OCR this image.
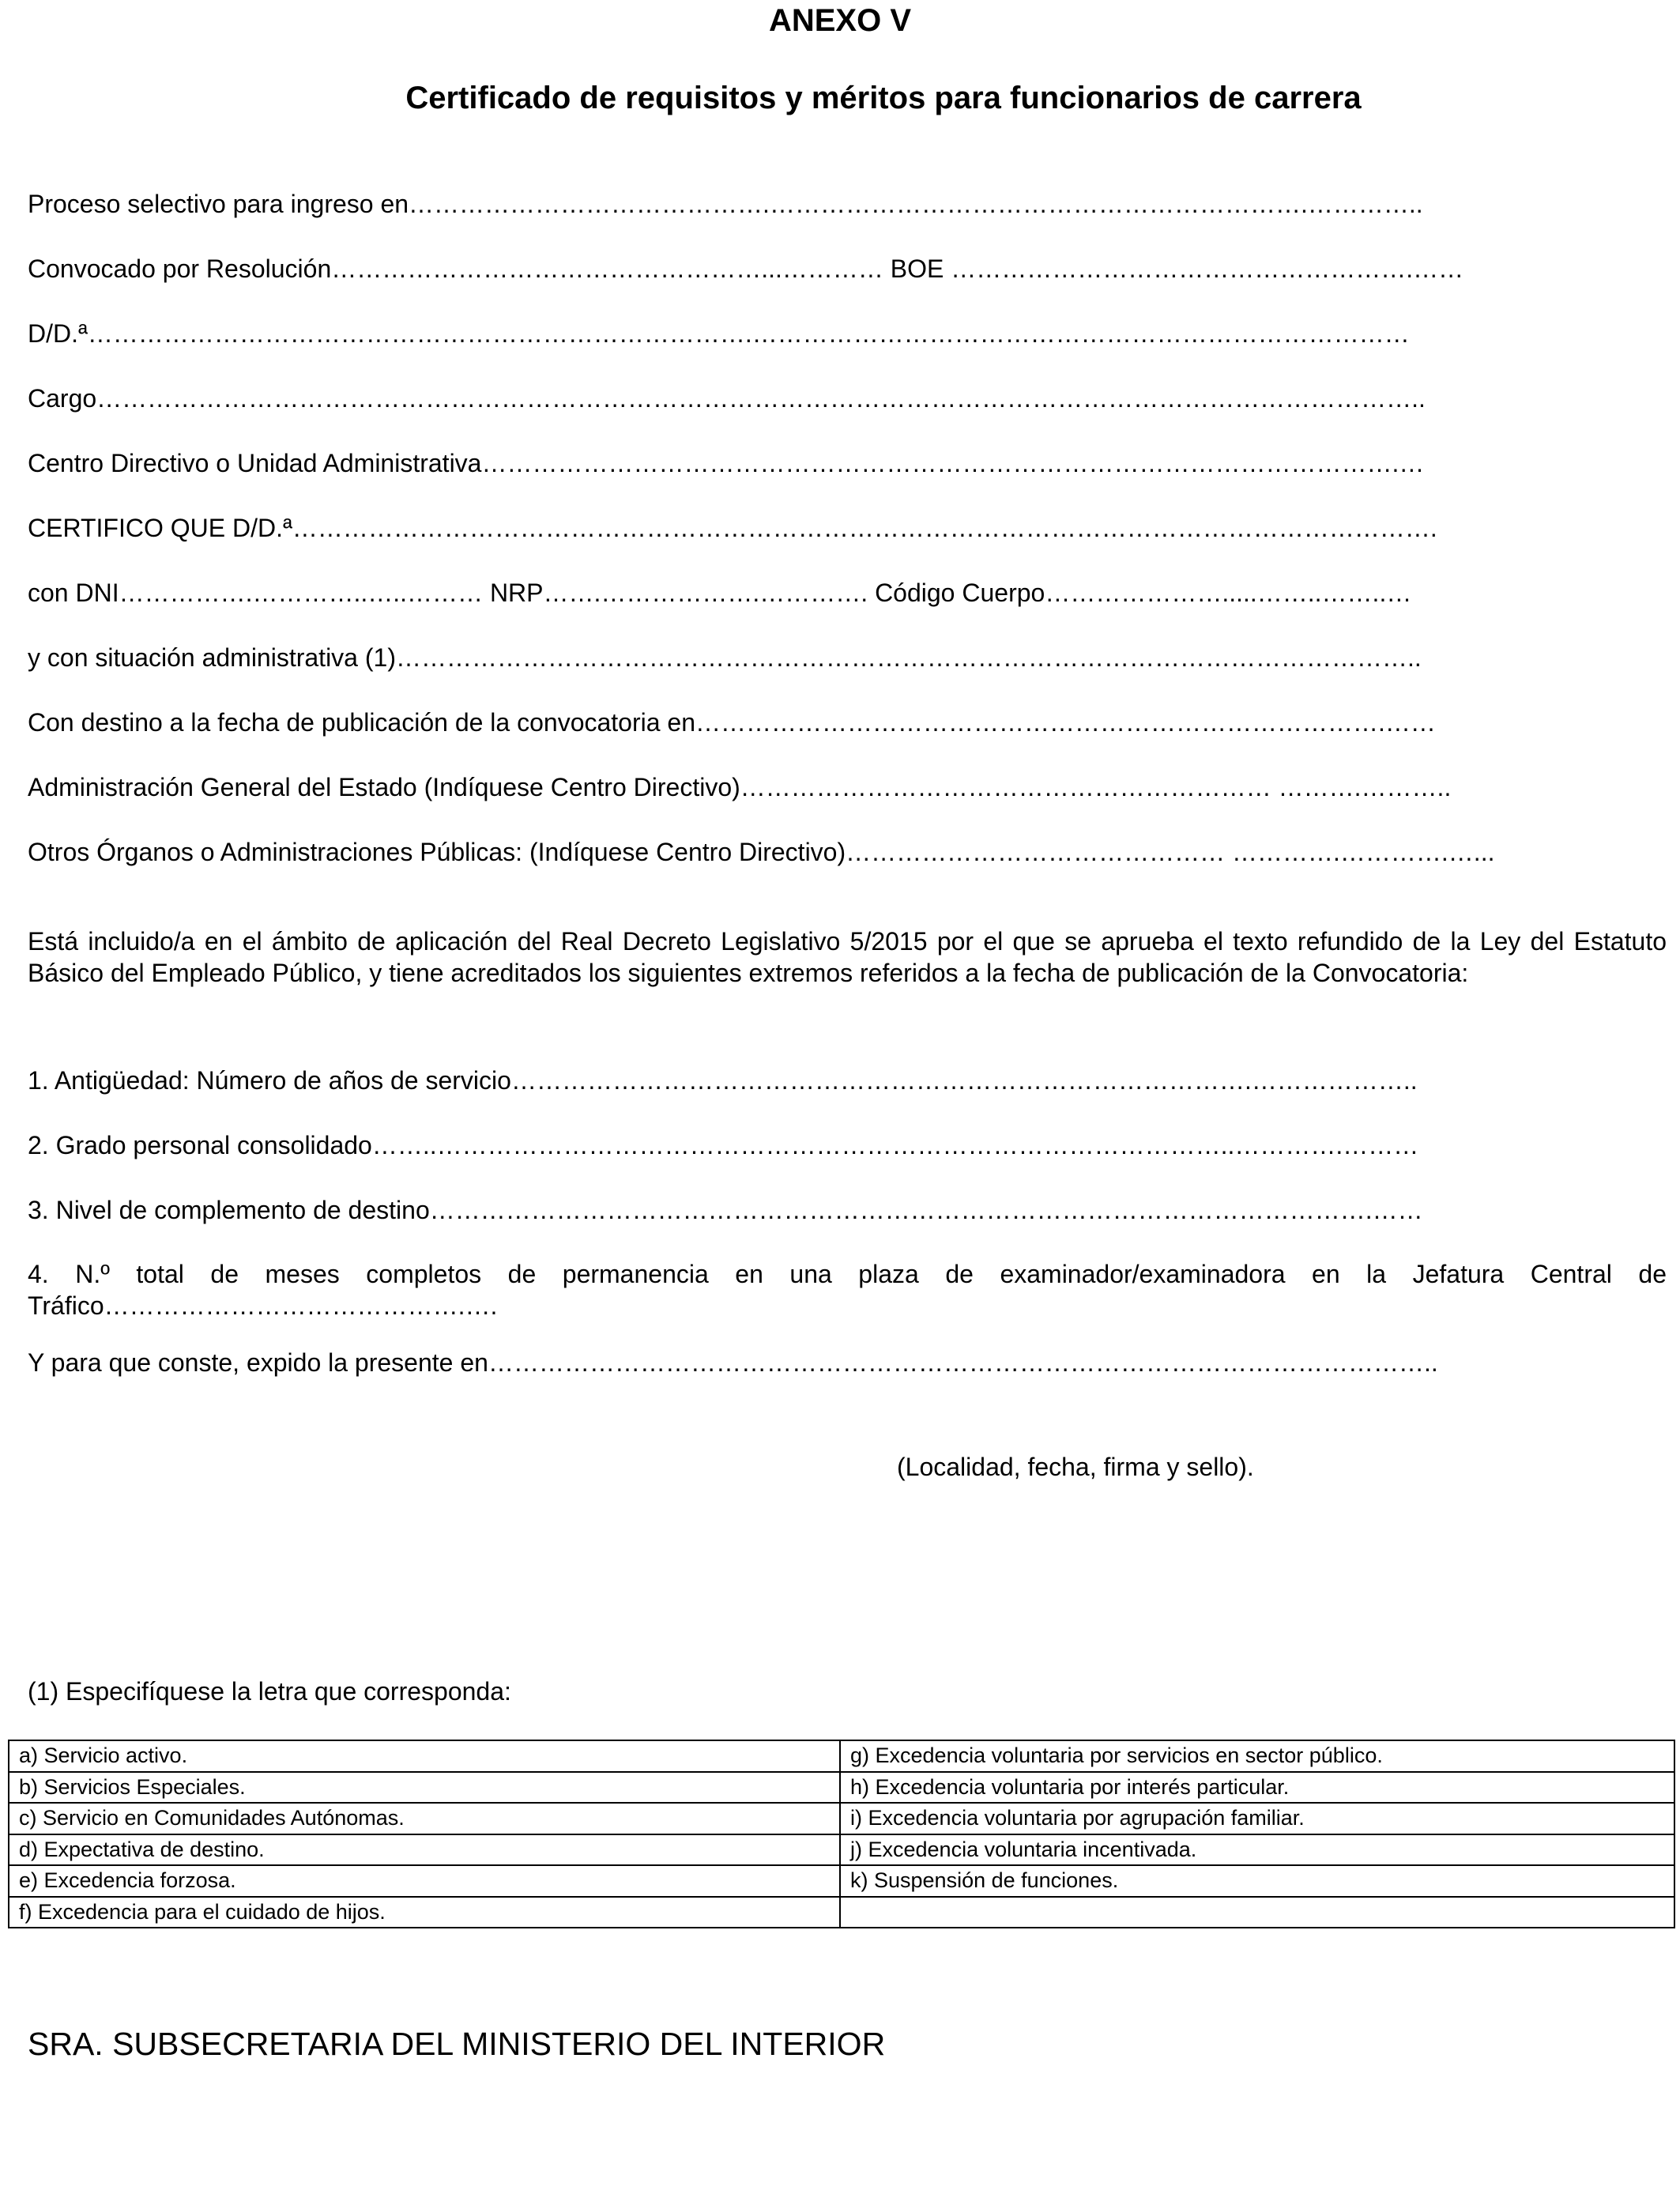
ANEXO V
Certificado de requisitos y méritos para funcionarios de carrera
Proceso selectivo para ingreso en…………………………………….……………………………………………………….…………..
Convocado por Resolución……………………………………………...………… BOE ……………………………………………….……
D/D.ª…………………………………………………………………….……………………………………………………………………
Cargo…………………………………………………………………………………………………………………………………………..
Centro Directivo o Unidad Administrativa……………………………………………………………………………………………….…
CERTIFICO QUE D/D.ª……………………………………………………………………………………………………………………….
con DNI…………….…………..…..……… NRP…….……………….…………. Código Cuerpo………………….....……..……..…
y con situación administrativa (1)…………………………………………………………………………………………………………..
Con destino a la fecha de publicación de la convocatoria en……………………………………………………………………….……
Administración General del Estado (Indíquese Centro Directivo)……………………………………………………… ……….………..
Otros Órganos o Administraciones Públicas: (Indíquese Centro Directivo)……………………………………… ………….………….…...
Está incluido/a en el ámbito de aplicación del Real Decreto Legislativo 5/2015 por el que se aprueba el texto refundido de la Ley del Estatuto Básico del Empleado Público, y tiene acreditados los siguientes extremos referidos a la fecha de publicación de la Convocatoria:
1. Antigüedad: Número de años de servicio…………………………………………………………………………….………………..
2. Grado personal consolidado……..…………………………………………………………………………………..………….………
3. Nivel de complemento de destino………………………………………………………………………………………………….……
4. N.º total de meses completos de permanencia en una plaza de examinador/examinadora en la Jefatura Central de Tráfico…………………………………….….
Y para que conste, expido la presente en…………………………………………………………………………………………………..
(Localidad, fecha, firma y sello).
(1) Especifíquese la letra que corresponda:
a) Servicio activo.	g) Excedencia voluntaria por servicios en sector público.
b) Servicios Especiales.	h) Excedencia voluntaria por interés particular.
c) Servicio en Comunidades Autónomas.	i) Excedencia voluntaria por agrupación familiar.
d) Expectativa de destino.	j) Excedencia voluntaria incentivada.
e) Excedencia forzosa.	k) Suspensión de funciones.
f) Excedencia para el cuidado de hijos.	
SRA. SUBSECRETARIA DEL MINISTERIO DEL INTERIOR
